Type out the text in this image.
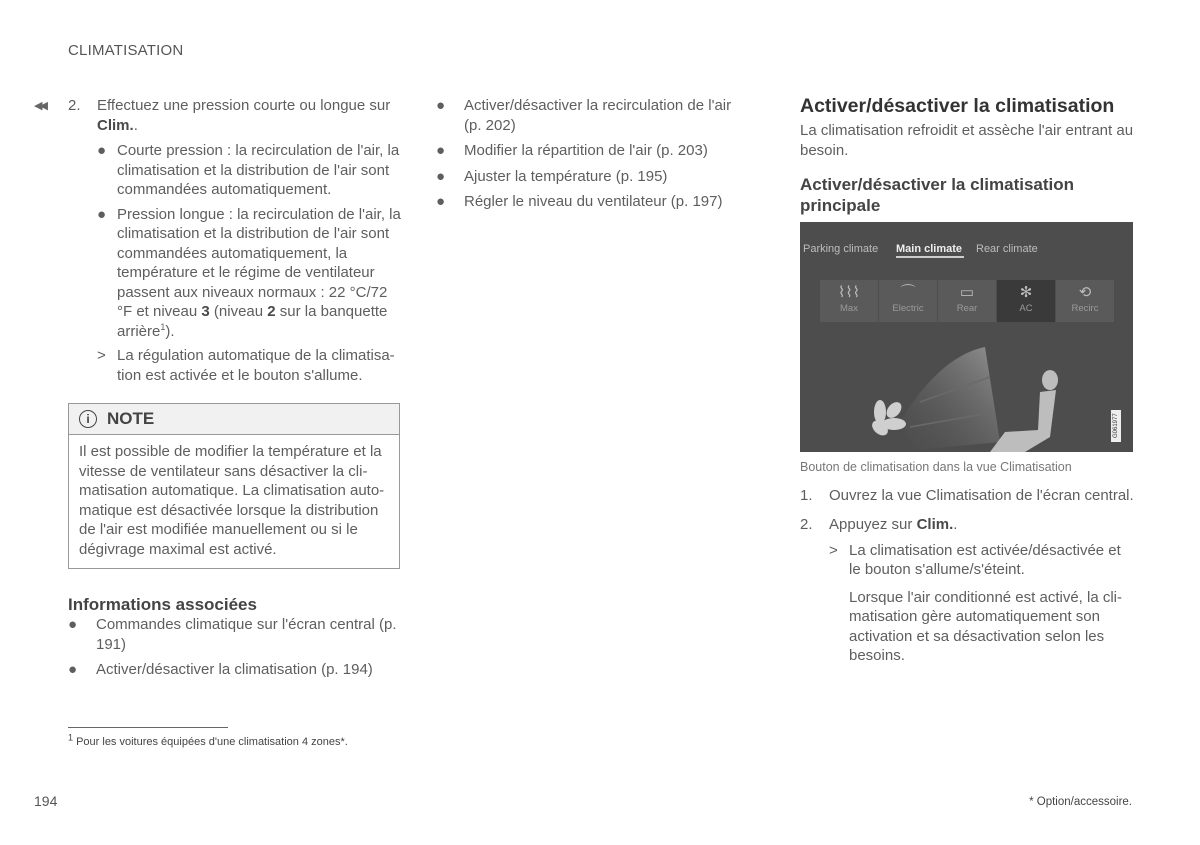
CLIMATISATION
◀◀ 2. Effectuez une pression courte ou longue sur Clim..
● Courte pression : la recirculation de l'air, la climatisation et la distribution de l'air sont commandées automatiquement.
● Pression longue : la recirculation de l'air, la climatisation et la distribution de l'air sont commandées automatiquement, la température et le régime de ventilateur passent aux niveaux normaux : 22 °C/72 °F et niveau 3 (niveau 2 sur la banquette arrière$^1$).
> La régulation automatique de la climatisa-tion est activée et le bouton s'allume.
i	NOTE
Il est possible de modifier la température et la vitesse de ventilateur sans désactiver la cli-matisation automatique. La climatisation auto-matique est désactivée lorsque la distribution de l'air est modifiée manuellement ou si le dégivrage maximal est activé.
Informations associées
● Commandes climatique sur l'écran central (p. 191)
● Activer/désactiver la climatisation (p. 194)
● Activer/désactiver la recirculation de l'air (p. 202)
● Modifier la répartition de l'air (p. 203)
● Ajuster la température (p. 195)
● Régler le niveau du ventilateur (p. 197)
Activer/désactiver la climatisation
La climatisation refroidit et assèche l'air entrant au besoin.
Activer/désactiver la climatisation principale
Parking climate Main climate Rear climate
⌇⌇⌇
Max
⌒
Electric
▭
Rear
✻
AC
⟲
Recirc
G061977
Bouton de climatisation dans la vue Climatisation
1. Ouvrez la vue Climatisation de l'écran central.
2. Appuyez sur Clim..
> La climatisation est activée/désactivée et le bouton s'allume/s'éteint.
Lorsque l'air conditionné est activé, la cli-matisation gère automatiquement son activation et sa désactivation selon les besoins.
$^1$ Pour les voitures équipées d'une climatisation 4 zones*.
194	* Option/accessoire.
